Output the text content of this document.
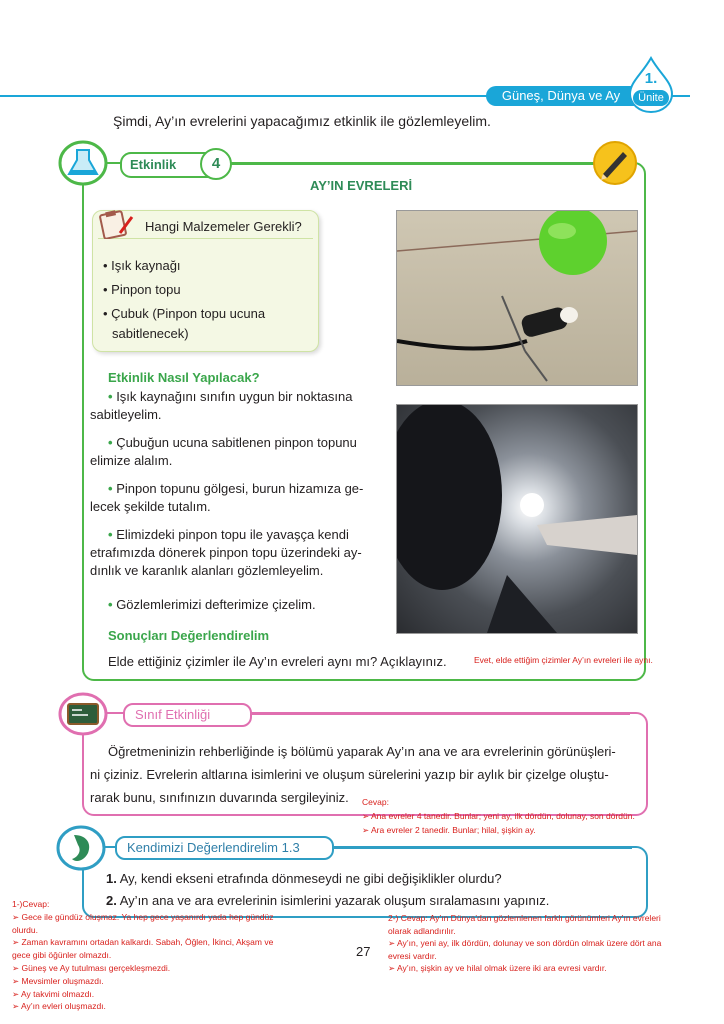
Güneş, Dünya ve Ay
1.
Ünite
Şimdi, Ay’ın evrelerini yapacağımız etkinlik ile gözlemleyelim.
Etkinlik	4
AY’IN EVRELERİ
Hangi Malzemeler Gerekli?
• Işık kaynağı
• Pinpon topu
• Çubuk (Pinpon topu ucuna
sabitlenecek)
Etkinlik Nasıl Yapılacak?
• Işık kaynağını sınıfın uygun bir noktasına
sabitleyelim.
• Çubuğun ucuna sabitlenen pinpon topunu
elimize alalım.
• Pinpon topunu gölgesi, burun hizamıza ge-
lecek şekilde tutalım.
• Elimizdeki pinpon topu ile yavaşça kendi
etrafımızda dönerek pinpon topu üzerindeki ay-
dınlık ve karanlık alanları gözlemleyelim.
• Gözlemlerimizi defterimize çizelim.
Sonuçları Değerlendirelim
Elde ettiğiniz çizimler ile Ay’ın evreleri aynı mı? Açıklayınız.	Evet, elde ettiğim çizimler Ay’ın evreleri ile aynı.
Sınıf Etkinliği
Öğretmeninizin rehberliğinde iş bölümü yaparak Ay’ın ana ve ara evrelerinin görünüşleri-
ni çiziniz. Evrelerin altlarına isimlerini ve oluşum sürelerini yazıp bir aylık bir çizelge oluştu-
rarak bunu, sınıfınızın duvarında sergileyiniz.	Cevap:
➢ Ana evreler 4 tanedir. Bunlar; yeni ay, ilk dördün, dolunay, son dördün.
➢ Ara evreler 2 tanedir. Bunlar; hilal, şişkin ay.
Kendimizi Değerlendirelim 1.3
1. Ay, kendi ekseni etrafında dönmeseydi ne gibi değişiklikler olurdu?
2. Ay’ın ana ve ara evrelerinin isimlerini yazarak oluşum sıralamasını yapınız.
1-)Cevap:
➢ Gece ile gündüz oluşmaz. Ya hep gece yaşanırdı yada hep gündüz
olurdu.
➢ Zaman kavramını ortadan kalkardı. Sabah, Öğlen, İkinci, Akşam ve
gece gibi öğünler olmazdı.
➢ Güneş ve Ay tutulması gerçekleşmezdi.
➢ Mevsimler oluşmazdı.
➢ Ay takvimi olmazdı.
➢ Ay’ın evleri oluşmazdı.
2-) Cevap: Ay’ın Dünya’dan gözlemlenen farklı görünümleri Ay’ın evreleri
olarak adlandırılır.
➢ Ay’ın, yeni ay, ilk dördün, dolunay ve son dördün olmak üzere dört ana
evresi vardır.
➢ Ay’ın, şişkin ay ve hilal olmak üzere iki ara evresi vardır.
27
